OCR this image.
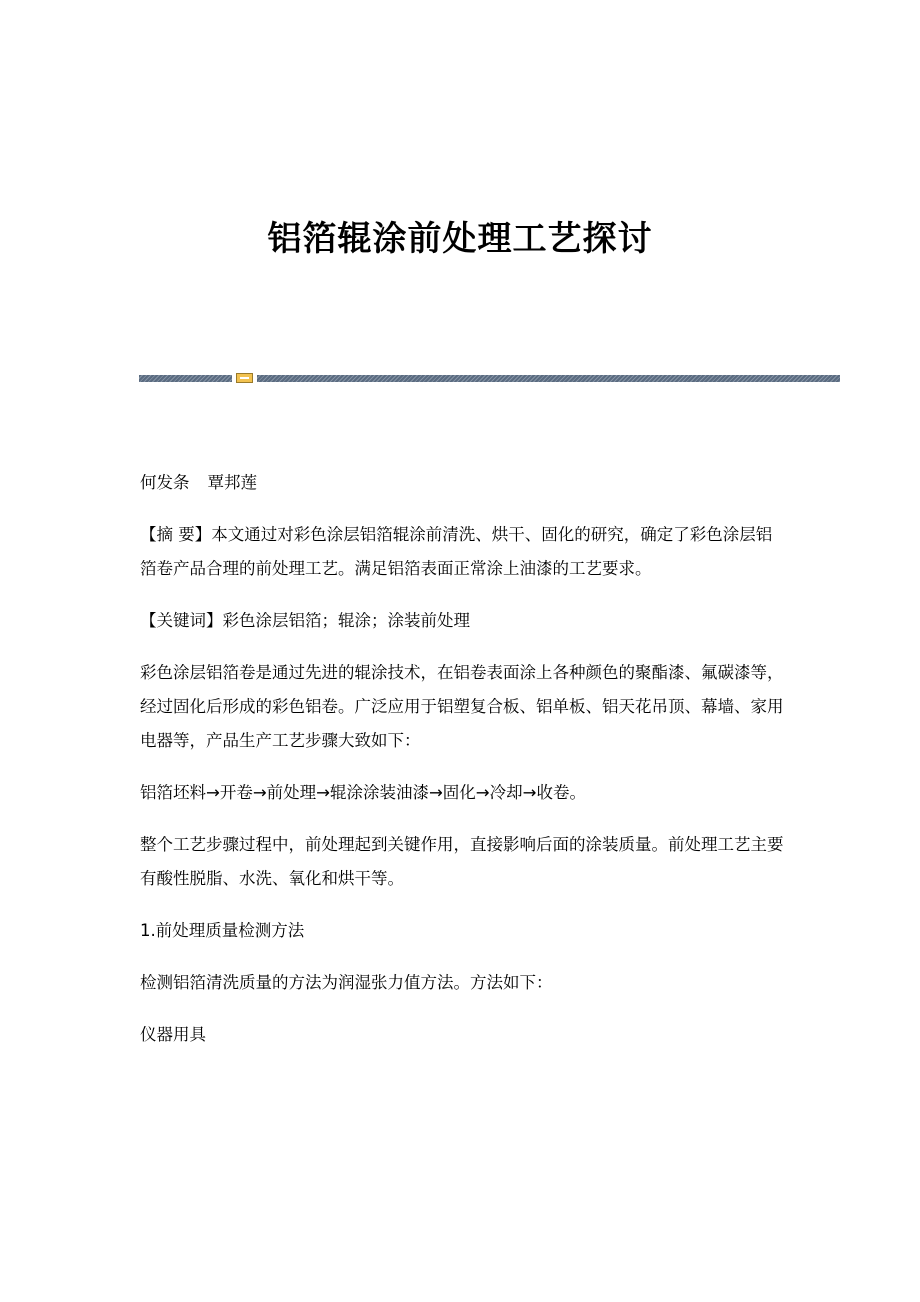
铝箔辊涂前处理工艺探讨

何发条 覃邦莲

【摘 要】本文通过对彩色涂层铝箔辊涂前清洗、烘干、固化的研究，确定了彩色涂层铝箔卷产品合理的前处理工艺。满足铝箔表面正常涂上油漆的工艺要求。

【关键词】彩色涂层铝箔；辊涂；涂装前处理

彩色涂层铝箔卷是通过先进的辊涂技术，在铝卷表面涂上各种颜色的聚酯漆、氟碳漆等，经过固化后形成的彩色铝卷。广泛应用于铝塑复合板、铝单板、铝天花吊顶、幕墙、家用电器等，产品生产工艺步骤大致如下：

铝箔坯料→开卷→前处理→辊涂涂装油漆→固化→冷却→收卷。

整个工艺步骤过程中，前处理起到关键作用，直接影响后面的涂装质量。前处理工艺主要有酸性脱脂、水洗、氧化和烘干等。

1.前处理质量检测方法

检测铝箔清洗质量的方法为润湿张力值方法。方法如下：

仪器用具
